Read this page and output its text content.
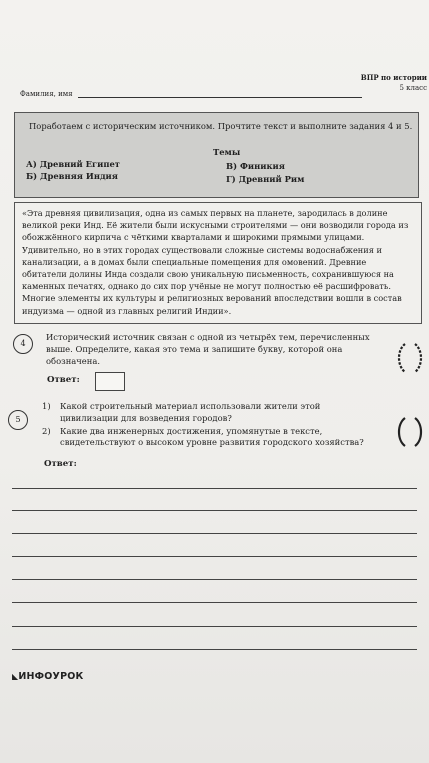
ВПР по истории
5 класс
Фамилия, имя
Поработаем с историческим источником. Прочтите текст и выполните задания 4 и 5.
Темы
А) Древний Египет
Б) Древняя Индия
В) Финикия
Г) Древний Рим
«Эта древняя цивилизация, одна из самых первых на планете, зародилась в долине
великой реки Инд. Её жители были искусными строителями — они возводили города из
обожжённого кирпича с чёткими кварталами и широкими прямыми улицами.
Удивительно, но в этих городах существовали сложные системы водоснабжения и
канализации, а в домах были специальные помещения для омовений. Древние
обитатели долины Инда создали свою уникальную письменность, сохранившуюся на
каменных печатях, однако до сих пор учёные не могут полностью её расшифровать.
Многие элементы их культуры и религиозных верований впоследствии вошли в состав
индуизма — одной из главных религий Индии».
4
Исторический источник связан с одной из четырёх тем, перечисленных
выше. Определите, какая это тема и запишите букву, которой она
обозначена.
Ответ:
5
1)	Какой строительный материал использовали жители этой
цивилизации для возведения городов?
2)	Какие два инженерных достижения, упомянутые в тексте,
свидетельствуют о высоком уровне развития городского хозяйства?
Ответ:
◣ИНФОУРОК
